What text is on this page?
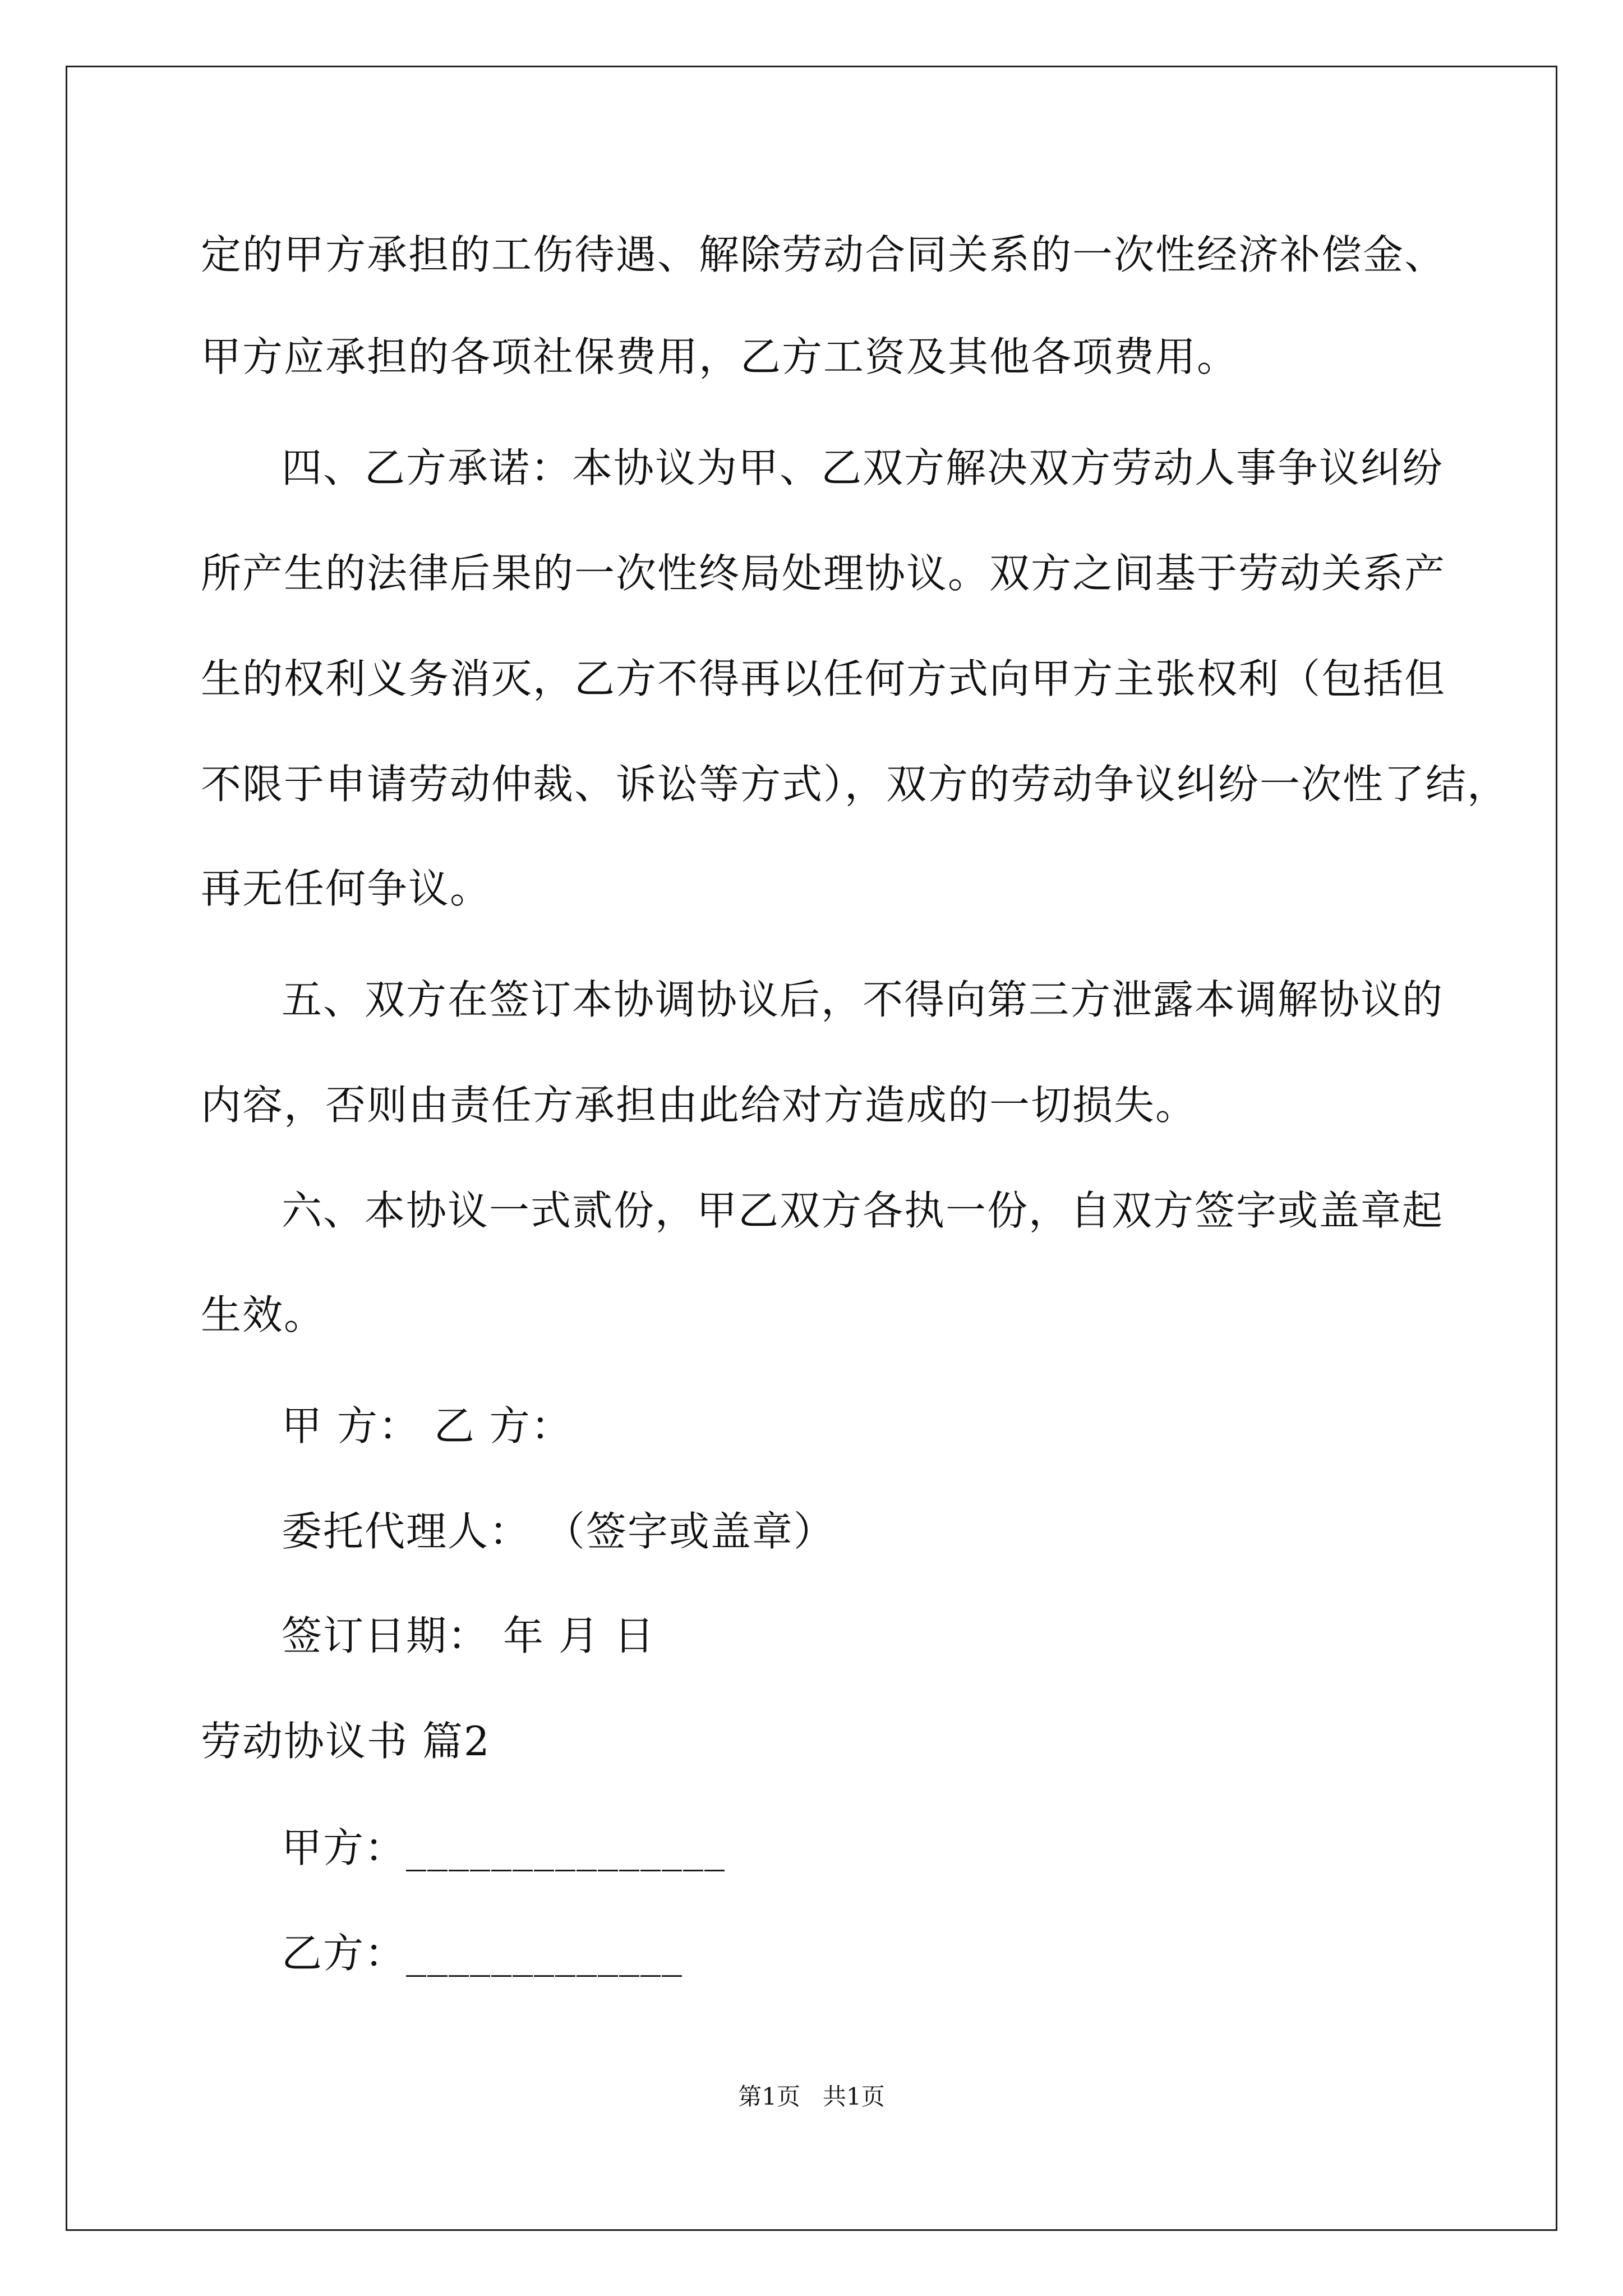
定的甲方承担的工伤待遇、解除劳动合同关系的一次性经济补偿金、
甲方应承担的各项社保费用，乙方工资及其他各项费用。
四、乙方承诺：本协议为甲、乙双方解决双方劳动人事争议纠纷
所产生的法律后果的一次性终局处理协议。双方之间基于劳动关系产
生的权利义务消灭，乙方不得再以任何方式向甲方主张权利（包括但
不限于申请劳动仲裁、诉讼等方式），双方的劳动争议纠纷一次性了结，
再无任何争议。
五、双方在签订本协调协议后，不得向第三方泄露本调解协议的
内容，否则由责任方承担由此给对方造成的一切损失。
六、本协议一式贰份，甲乙双方各执一份，自双方签字或盖章起
生效。
甲 方： 乙 方：
委托代理人： （签字或盖章）
签订日期： 年 月 日
劳动协议书 篇2
甲方：_______________
乙方：_____________
第1页   共1页
